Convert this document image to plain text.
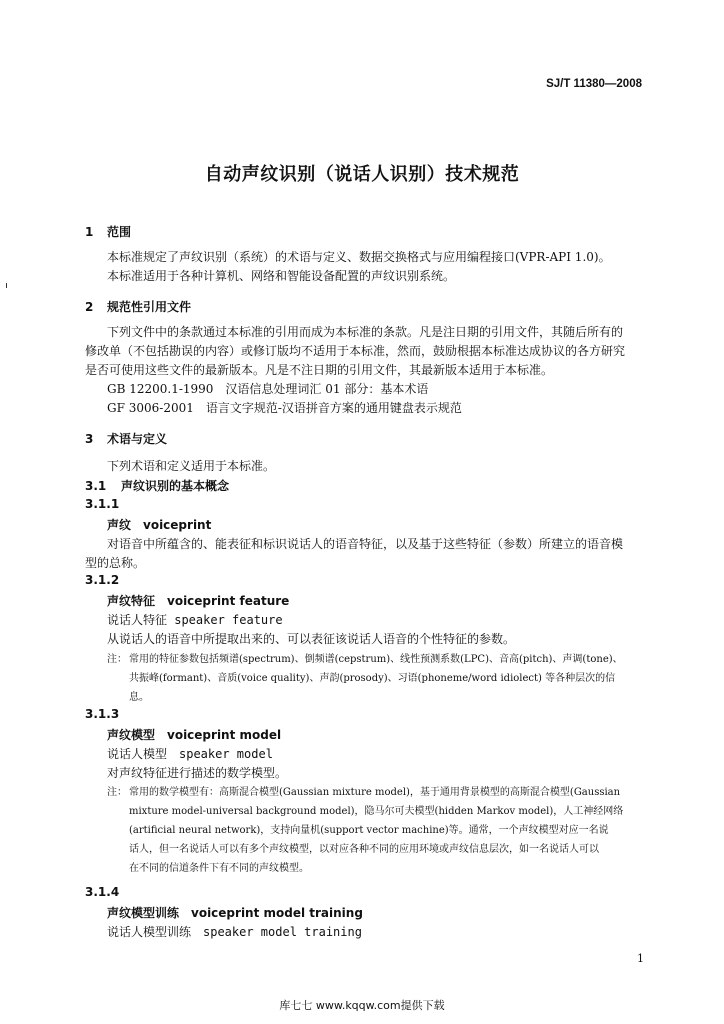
SJ/T 11380—2008
自动声纹识别（说话人识别）技术规范
1 范围
本标准规定了声纹识别（系统）的术语与定义、数据交换格式与应用编程接口(VPR-API 1.0)。
本标准适用于各种计算机、网络和智能设备配置的声纹识别系统。
2 规范性引用文件
下列文件中的条款通过本标准的引用而成为本标准的条款。凡是注日期的引用文件，其随后所有的
修改单（不包括勘误的内容）或修订版均不适用于本标准，然而，鼓励根据本标准达成协议的各方研究
是否可使用这些文件的最新版本。凡是不注日期的引用文件，其最新版本适用于本标准。
GB 12200.1-1990　汉语信息处理词汇 01 部分：基本术语
GF 3006-2001　语言文字规范-汉语拼音方案的通用键盘表示规范
3 术语与定义
下列术语和定义适用于本标准。
3.1 声纹识别的基本概念
3.1.1
声纹　voiceprint
对语音中所蕴含的、能表征和标识说话人的语音特征，以及基于这些特征（参数）所建立的语音模
型的总称。
3.1.2
声纹特征　voiceprint feature
说话人特征 speaker feature
从说话人的语音中所提取出来的、可以表征该说话人语音的个性特征的参数。
注： 常用的特征参数包括频谱(spectrum)、倒频谱(cepstrum)、线性预测系数(LPC)、音高(pitch)、声调(tone)、
共振峰(formant)、音质(voice quality)、声韵(prosody)、习语(phoneme/word idiolect) 等各种层次的信
息。
3.1.3
声纹模型　voiceprint model
说话人模型　speaker model
对声纹特征进行描述的数学模型。
注： 常用的数学模型有：高斯混合模型(Gaussian mixture model)，基于通用背景模型的高斯混合模型(Gaussian
mixture model-universal background model)，隐马尔可夫模型(hidden Markov model)，人工神经网络
(artificial neural network)，支持向量机(support vector machine)等。通常，一个声纹模型对应一名说
话人，但一名说话人可以有多个声纹模型，以对应各种不同的应用环境或声纹信息层次，如一名说话人可以
在不同的信道条件下有不同的声纹模型。
3.1.4
声纹模型训练　voiceprint model training
说话人模型训练　speaker model training
1
库七七 www.kqqw.com提供下载
